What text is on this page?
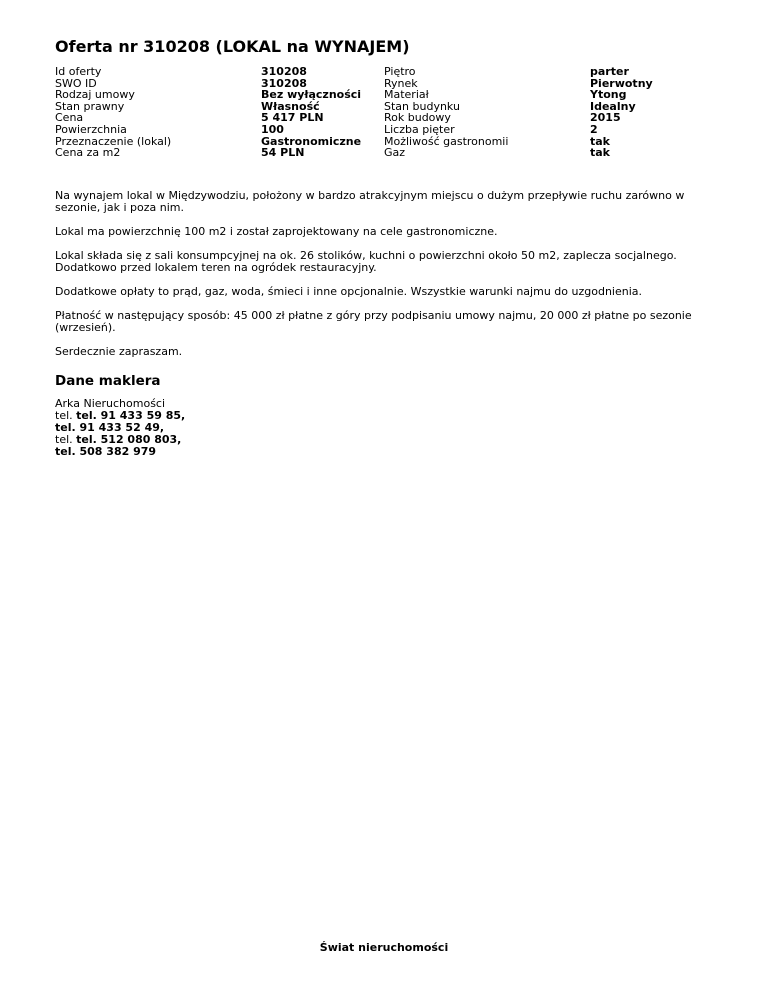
Oferta nr 310208 (LOKAL na WYNAJEM)
Id oferty
SWO ID
Rodzaj umowy
Stan prawny
Cena
Powierzchnia
Przeznaczenie (lokal)
Cena za m2
310208
310208
Bez wyłączności
Własność
5 417 PLN
100
Gastronomiczne
54 PLN
Piętro
Rynek
Materiał
Stan budynku
Rok budowy
Liczba pięter
Możliwość gastronomii
Gaz
parter
Pierwotny
Ytong
Idealny
2015
2
tak
tak

Na wynajem lokal w Międzywodziu, położony w bardzo atrakcyjnym miejscu o dużym przepływie ruchu zarówno w sezonie, jak i poza nim.

Lokal ma powierzchnię 100 m2 i został zaprojektowany na cele gastronomiczne.

Lokal składa się z sali konsumpcyjnej na ok. 26 stolików, kuchni o powierzchni około 50 m2, zaplecza socjalnego. Dodatkowo przed lokalem teren na ogródek restauracyjny.

Dodatkowe opłaty to prąd, gaz, woda, śmieci i inne opcjonalnie. Wszystkie warunki najmu do uzgodnienia.

Płatność w następujący sposób: 45 000 zł płatne z góry przy podpisaniu umowy najmu, 20 000 zł płatne po sezonie (wrzesień).

Serdecznie zapraszam.

Dane maklera
Arka Nieruchomości
tel. tel. 91 433 59 85,
tel. 91 433 52 49,
tel. tel. 512 080 803,
tel. 508 382 979
Świat nieruchomości
